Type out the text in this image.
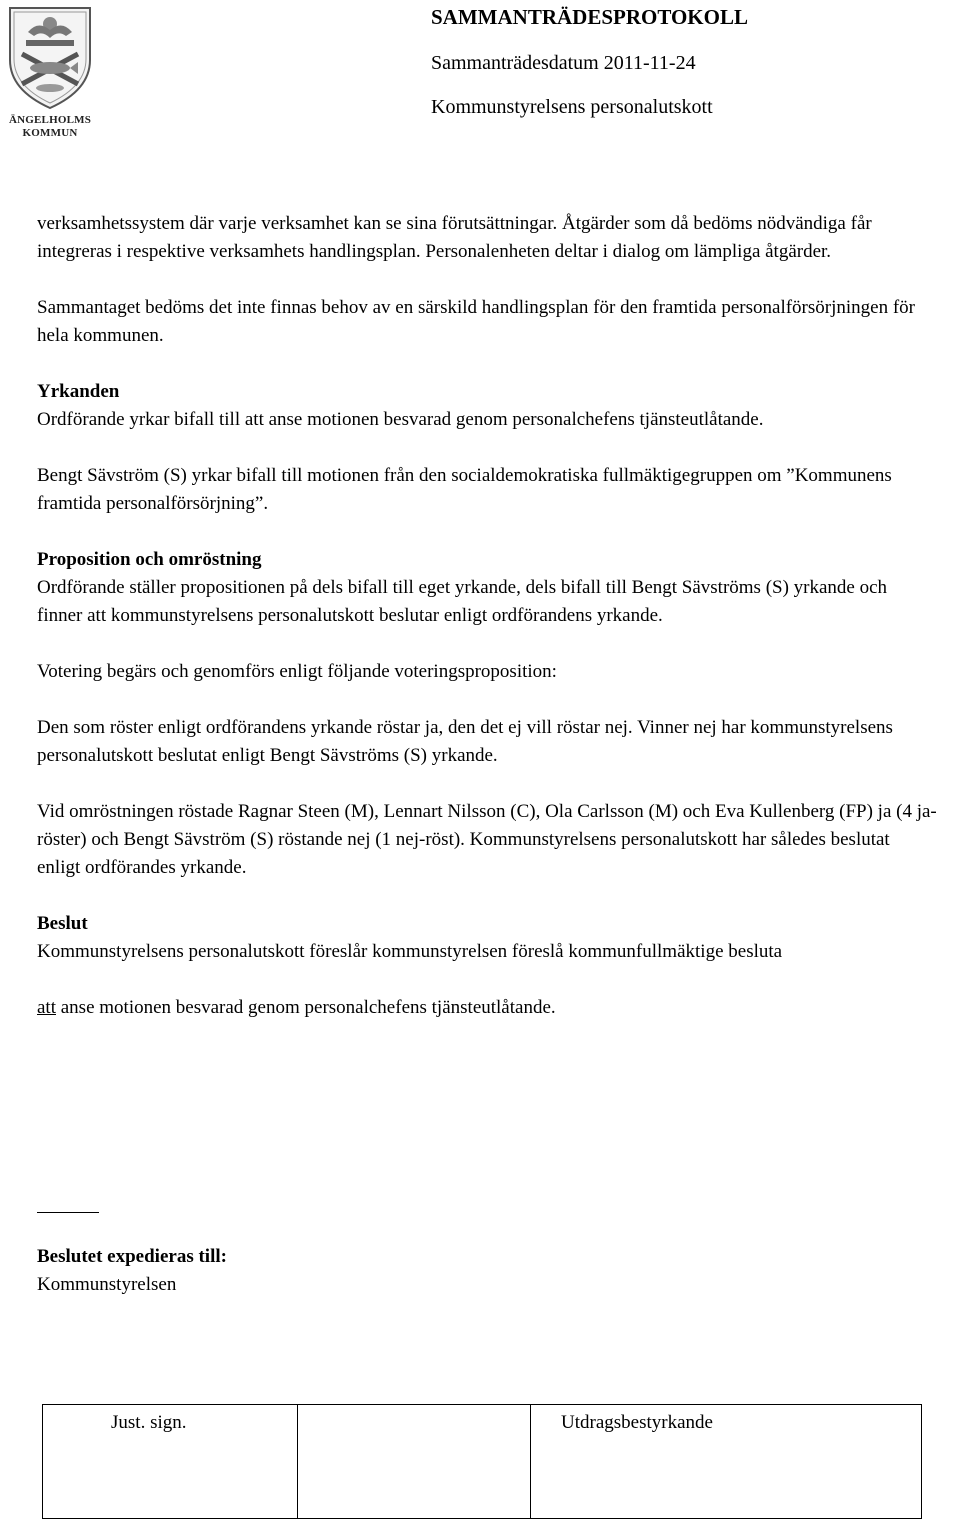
ÄNGELHOLMS
KOMMUN
SAMMANTRÄDESPROTOKOLL
Sammanträdesdatum 2011-11-24
Kommunstyrelsens personalutskott

verksamhetssystem där varje verksamhet kan se sina förutsättningar. Åtgärder som då bedöms nödvändiga får integreras i respektive verksamhets handlingsplan. Personalenheten deltar i dialog om lämpliga åtgärder.

Sammantaget bedöms det inte finnas behov av en särskild handlingsplan för den framtida personalförsörjningen för hela kommunen.

Yrkanden

Ordförande yrkar bifall till att anse motionen besvarad genom personalchefens tjänsteutlåtande.

Bengt Sävström (S) yrkar bifall till motionen från den socialdemokratiska fullmäktigegruppen om ”Kommunens framtida personalförsörjning”.

Proposition och omröstning

Ordförande ställer propositionen på dels bifall till eget yrkande, dels bifall till Bengt Sävströms (S) yrkande och finner att kommunstyrelsens personalutskott beslutar enligt ordförandens yrkande.

Votering begärs och genomförs enligt följande voteringsproposition:

Den som röster enligt ordförandens yrkande röstar ja, den det ej vill röstar nej. Vinner nej har kommunstyrelsens personalutskott beslutat enligt Bengt Sävströms (S) yrkande.

Vid omröstningen röstade Ragnar Steen (M), Lennart Nilsson (C), Ola Carlsson (M) och Eva Kullenberg (FP) ja (4 ja-röster) och Bengt Sävström (S) röstande nej (1 nej-röst). Kommunstyrelsens personalutskott har således beslutat enligt ordförandes yrkande.

Beslut

Kommunstyrelsens personalutskott föreslår kommunstyrelsen föreslå kommunfullmäktige besluta

att anse motionen besvarad genom personalchefens tjänsteutlåtande.

Beslutet expedieras till:
Kommunstyrelsen
Just. sign.	Utdragsbestyrkande
